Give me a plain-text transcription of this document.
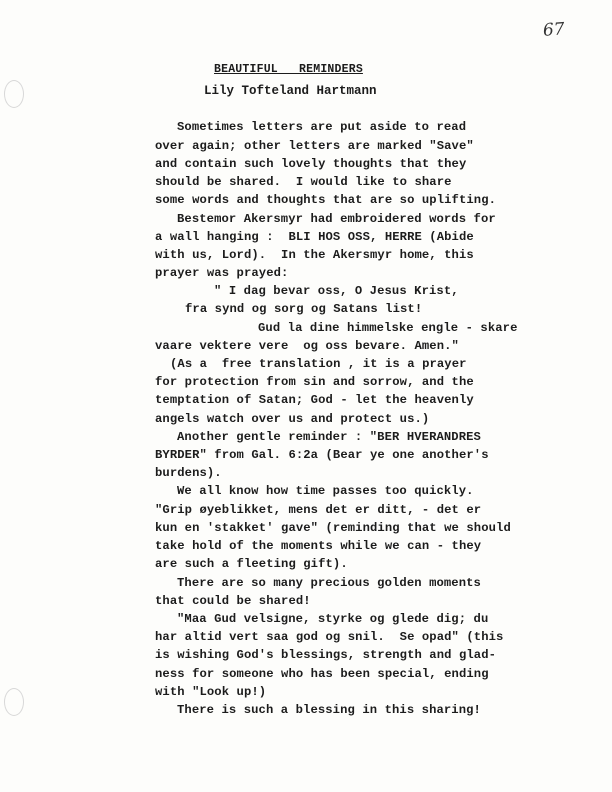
67
BEAUTIFUL REMINDERS
Lily Tofteland Hartmann
Sometimes letters are put aside to read
over again; other letters are marked "Save"
and contain such lovely thoughts that they
should be shared.  I would like to share
some words and thoughts that are so uplifting.
Bestemor Akersmyr had embroidered words for
a wall hanging :  BLI HOS OSS, HERRE (Abide
with us, Lord).  In the Akersmyr home, this
prayer was prayed:
" I dag bevar oss, O Jesus Krist,
fra synd og sorg og Satans list!
Gud la dine himmelske engle - skare
vaare vektere vere  og oss bevare. Amen."
(As a  free translation , it is a prayer
for protection from sin and sorrow, and the
temptation of Satan; God - let the heavenly
angels watch over us and protect us.)
Another gentle reminder : "BER HVERANDRES
BYRDER" from Gal. 6:2a (Bear ye one another's
burdens).
We all know how time passes too quickly.
"Grip øyeblikket, mens det er ditt, - det er
kun en 'stakket' gave" (reminding that we should
take hold of the moments while we can - they
are such a fleeting gift).
There are so many precious golden moments
that could be shared!
"Maa Gud velsigne, styrke og glede dig; du
har altid vert saa god og snil.  Se opad" (this
is wishing God's blessings, strength and glad-
ness for someone who has been special, ending
with "Look up!)
There is such a blessing in this sharing!
